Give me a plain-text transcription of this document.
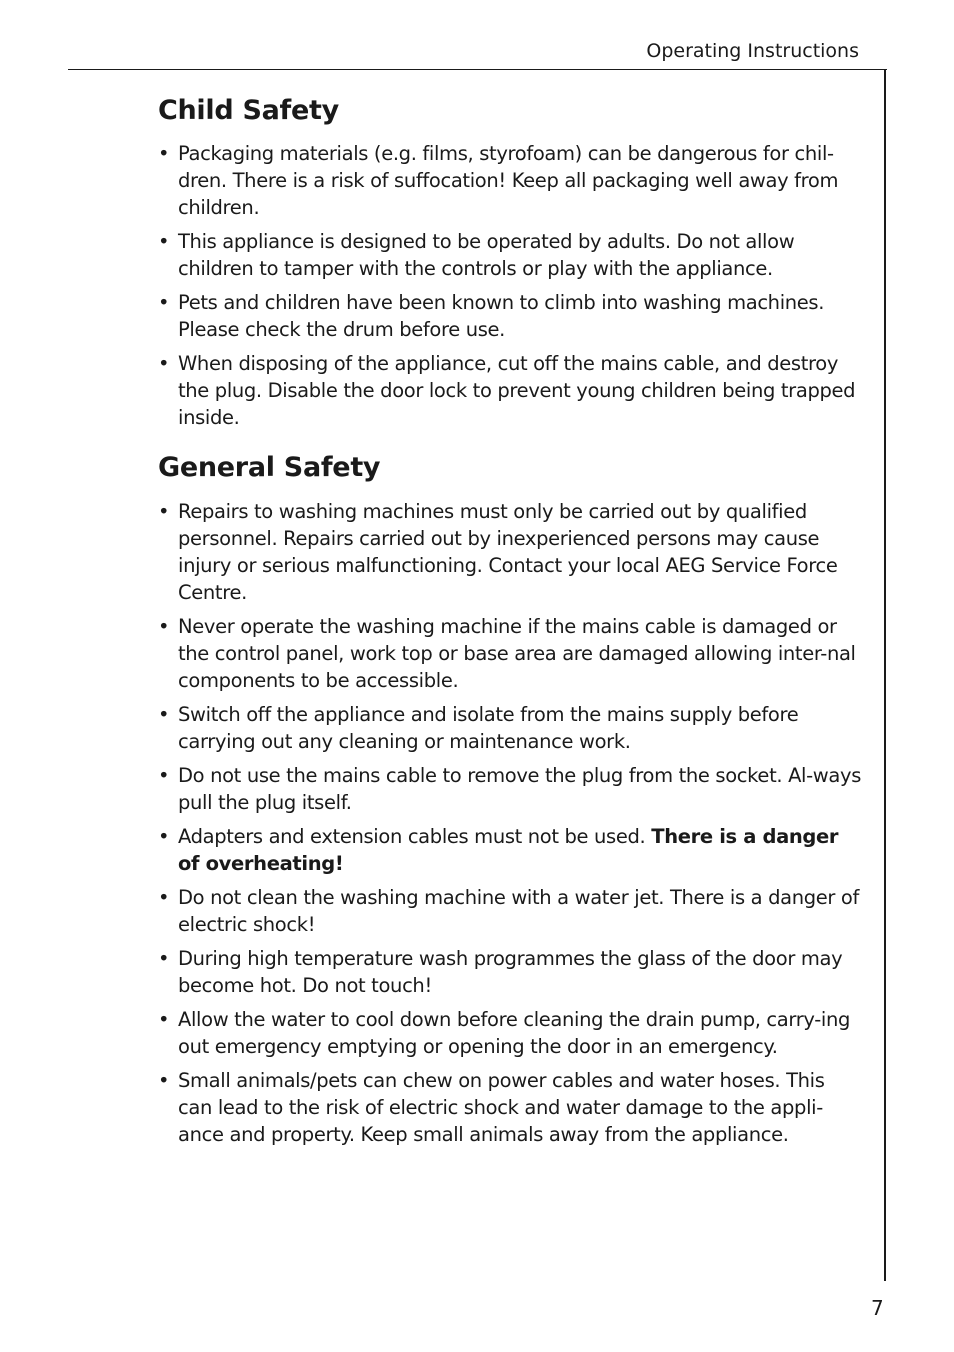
Operating Instructions
Child Safety
• Packaging materials (e.g. films, styrofoam) can be dangerous for chil-dren. There is a risk of suffocation! Keep all packaging well away from children.
• This appliance is designed to be operated by adults. Do not allow children to tamper with the controls or play with the appliance.
• Pets and children have been known to climb into washing machines. Please check the drum before use.
• When disposing of the appliance, cut off the mains cable, and destroy the plug. Disable the door lock to prevent young children being trapped inside.
General Safety
• Repairs to washing machines must only be carried out by qualified personnel. Repairs carried out by inexperienced persons may cause injury or serious malfunctioning. Contact your local AEG Service Force Centre.
• Never operate the washing machine if the mains cable is damaged or the control panel, work top or base area are damaged allowing inter-nal components to be accessible.
• Switch off the appliance and isolate from the mains supply before carrying out any cleaning or maintenance work.
• Do not use the mains cable to remove the plug from the socket. Al-ways pull the plug itself.
• Adapters and extension cables must not be used. There is a danger of overheating!
• Do not clean the washing machine with a water jet. There is a danger of electric shock!
• During high temperature wash programmes the glass of the door may become hot. Do not touch!
• Allow the water to cool down before cleaning the drain pump, carry-ing out emergency emptying or opening the door in an emergency.
• Small animals/pets can chew on power cables and water hoses. This can lead to the risk of electric shock and water damage to the appli-ance and property. Keep small animals away from the appliance.
7
